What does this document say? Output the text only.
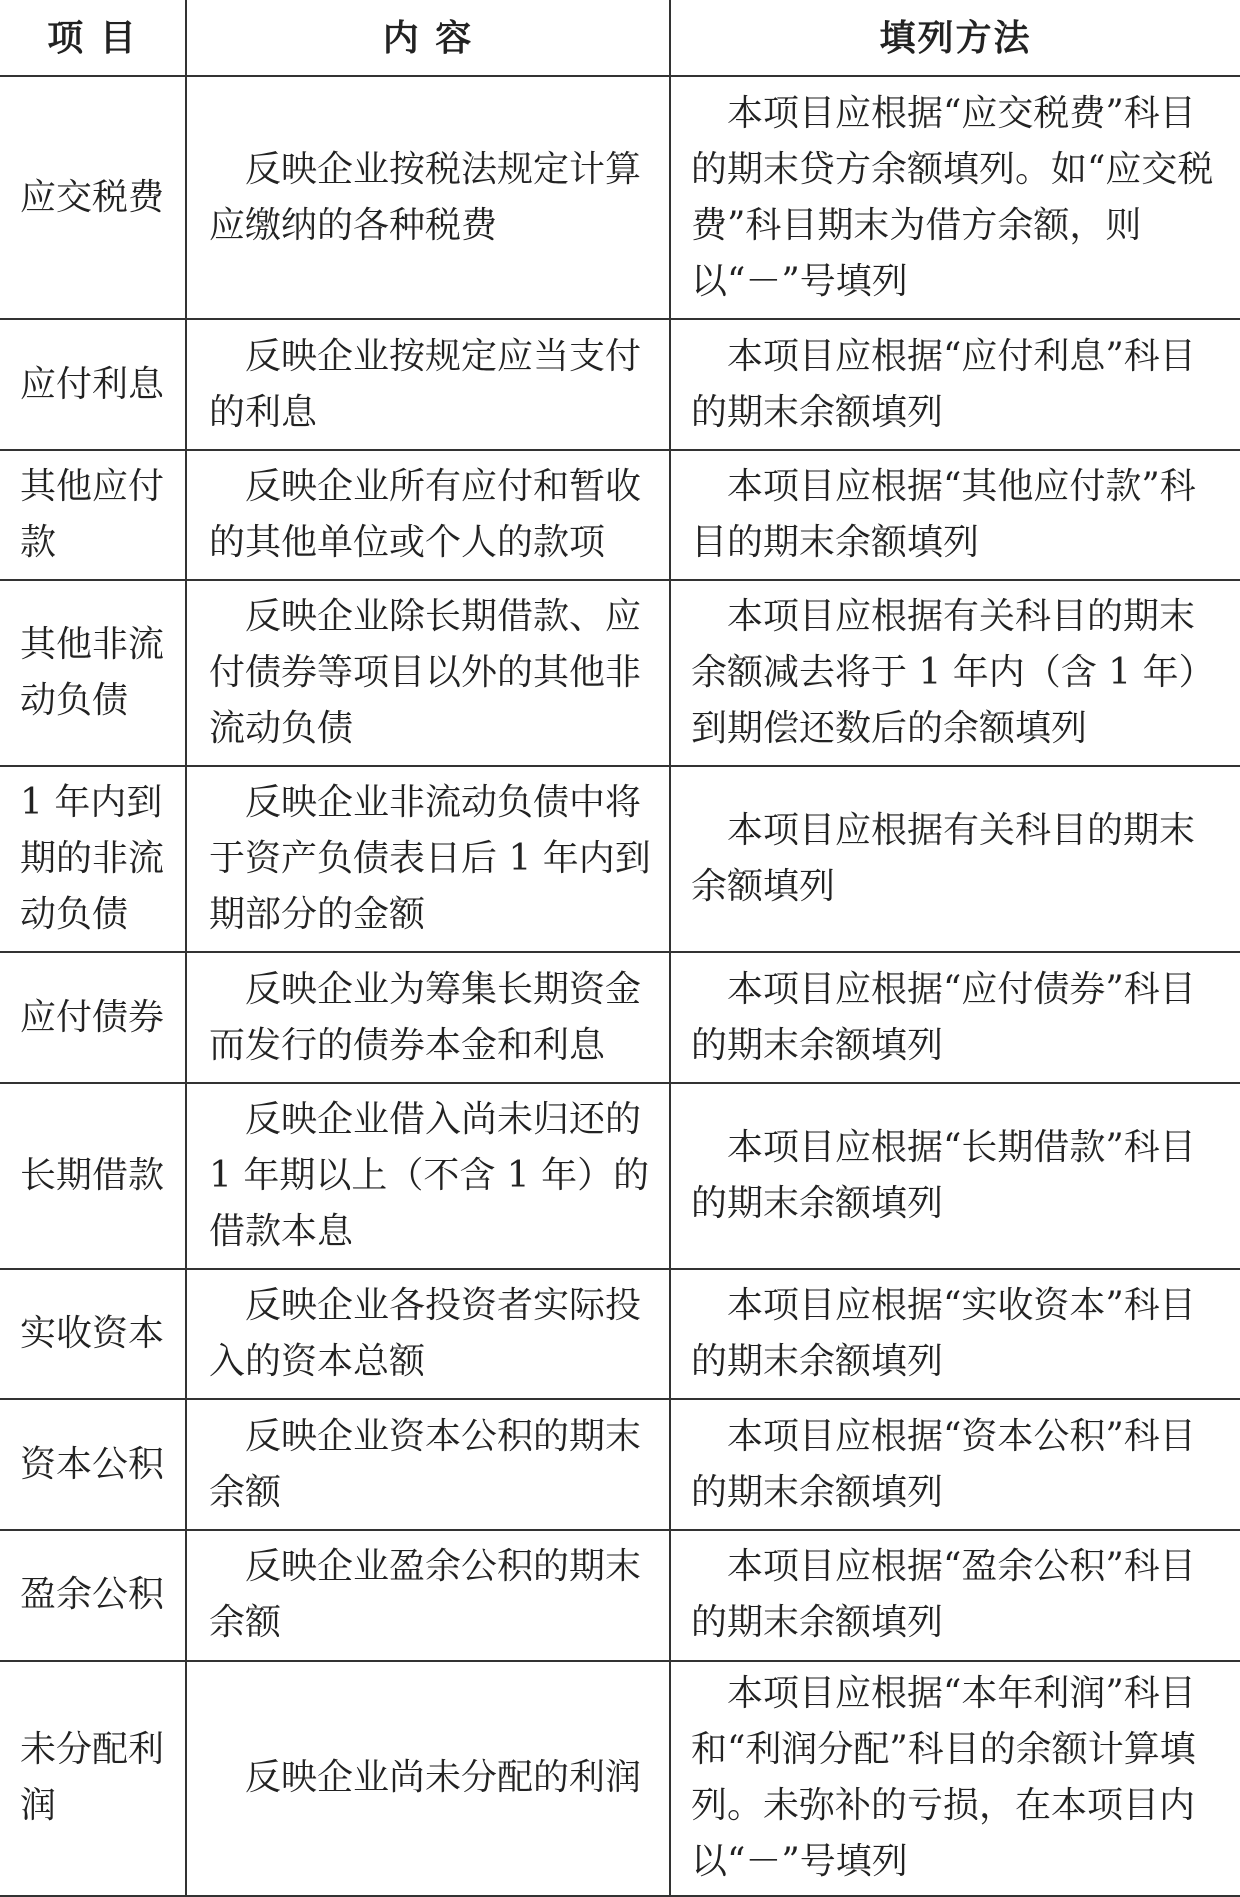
项 目	内 容	填列方法
应交税费	反映企业按税法规定计算应缴纳的各种税费	本项目应根据“应交税费”科目的期末贷方余额填列。如“应交税费”科目期末为借方余额，则以“－”号填列
应付利息	反映企业按规定应当支付的利息	本项目应根据“应付利息”科目的期末余额填列
其他应付款	反映企业所有应付和暂收的其他单位或个人的款项	本项目应根据“其他应付款”科目的期末余额填列
其他非流动负债	反映企业除长期借款、应付债券等项目以外的其他非流动负债	本项目应根据有关科目的期末余额减去将于 1 年内（含 1 年）到期偿还数后的余额填列
1 年内到期的非流动负债	反映企业非流动负债中将于资产负债表日后 1 年内到期部分的金额	本项目应根据有关科目的期末余额填列
应付债券	反映企业为筹集长期资金而发行的债券本金和利息	本项目应根据“应付债券”科目的期末余额填列
长期借款	反映企业借入尚未归还的 1 年期以上（不含 1 年）的借款本息	本项目应根据“长期借款”科目的期末余额填列
实收资本	反映企业各投资者实际投入的资本总额	本项目应根据“实收资本”科目的期末余额填列
资本公积	反映企业资本公积的期末余额	本项目应根据“资本公积”科目的期末余额填列
盈余公积	反映企业盈余公积的期末余额	本项目应根据“盈余公积”科目的期末余额填列
未分配利润	反映企业尚未分配的利润	本项目应根据“本年利润”科目和“利润分配”科目的余额计算填列。未弥补的亏损，在本项目内以“－”号填列
